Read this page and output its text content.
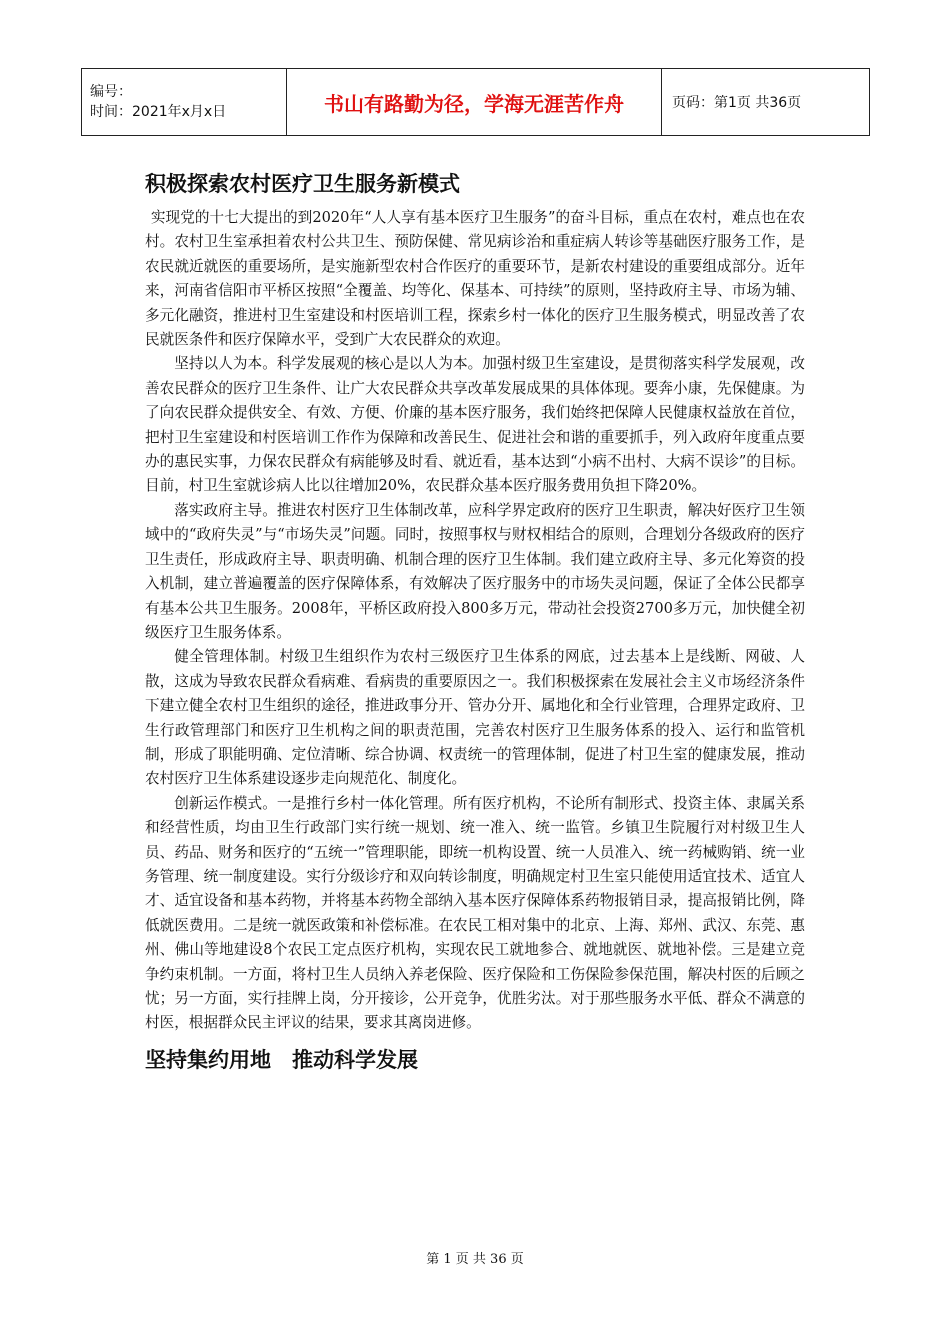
编号：
时间：2021年x月x日	书山有路勤为径，学海无涯苦作舟	页码：第1页 共36页
积极探索农村医疗卫生服务新模式

实现党的十七大提出的到2020年“人人享有基本医疗卫生服务”的奋斗目标，重点在农村，难点也在农村。农村卫生室承担着农村公共卫生、预防保健、常见病诊治和重症病人转诊等基础医疗服务工作，是农民就近就医的重要场所，是实施新型农村合作医疗的重要环节，是新农村建设的重要组成部分。近年来，河南省信阳市平桥区按照“全覆盖、均等化、保基本、可持续”的原则，坚持政府主导、市场为辅、多元化融资，推进村卫生室建设和村医培训工程，探索乡村一体化的医疗卫生服务模式，明显改善了农民就医条件和医疗保障水平，受到广大农民群众的欢迎。

坚持以人为本。科学发展观的核心是以人为本。加强村级卫生室建设，是贯彻落实科学发展观，改善农民群众的医疗卫生条件、让广大农民群众共享改革发展成果的具体体现。要奔小康，先保健康。为了向农民群众提供安全、有效、方便、价廉的基本医疗服务，我们始终把保障人民健康权益放在首位，把村卫生室建设和村医培训工作作为保障和改善民生、促进社会和谐的重要抓手，列入政府年度重点要办的惠民实事，力保农民群众有病能够及时看、就近看，基本达到“小病不出村、大病不误诊”的目标。目前，村卫生室就诊病人比以往增加20%，农民群众基本医疗服务费用负担下降20%。

落实政府主导。推进农村医疗卫生体制改革，应科学界定政府的医疗卫生职责，解决好医疗卫生领域中的“政府失灵”与“市场失灵”问题。同时，按照事权与财权相结合的原则，合理划分各级政府的医疗卫生责任，形成政府主导、职责明确、机制合理的医疗卫生体制。我们建立政府主导、多元化筹资的投入机制，建立普遍覆盖的医疗保障体系，有效解决了医疗服务中的市场失灵问题，保证了全体公民都享有基本公共卫生服务。2008年，平桥区政府投入800多万元，带动社会投资2700多万元，加快健全初级医疗卫生服务体系。

健全管理体制。村级卫生组织作为农村三级医疗卫生体系的网底，过去基本上是线断、网破、人散，这成为导致农民群众看病难、看病贵的重要原因之一。我们积极探索在发展社会主义市场经济条件下建立健全农村卫生组织的途径，推进政事分开、管办分开、属地化和全行业管理，合理界定政府、卫生行政管理部门和医疗卫生机构之间的职责范围，完善农村医疗卫生服务体系的投入、运行和监管机制，形成了职能明确、定位清晰、综合协调、权责统一的管理体制，促进了村卫生室的健康发展，推动农村医疗卫生体系建设逐步走向规范化、制度化。

创新运作模式。一是推行乡村一体化管理。所有医疗机构，不论所有制形式、投资主体、隶属关系和经营性质，均由卫生行政部门实行统一规划、统一准入、统一监管。乡镇卫生院履行对村级卫生人员、药品、财务和医疗的“五统一”管理职能，即统一机构设置、统一人员准入、统一药械购销、统一业务管理、统一制度建设。实行分级诊疗和双向转诊制度，明确规定村卫生室只能使用适宜技术、适宜人才、适宜设备和基本药物，并将基本药物全部纳入基本医疗保障体系药物报销目录，提高报销比例，降低就医费用。二是统一就医政策和补偿标准。在农民工相对集中的北京、上海、郑州、武汉、东莞、惠州、佛山等地建设8个农民工定点医疗机构，实现农民工就地参合、就地就医、就地补偿。三是建立竞争约束机制。一方面，将村卫生人员纳入养老保险、医疗保险和工伤保险参保范围，解决村医的后顾之忧；另一方面，实行挂牌上岗，分开接诊，公开竞争，优胜劣汰。对于那些服务水平低、群众不满意的村医，根据群众民主评议的结果，要求其离岗进修。

坚持集约用地　推动科学发展
第 1 页 共 36 页
